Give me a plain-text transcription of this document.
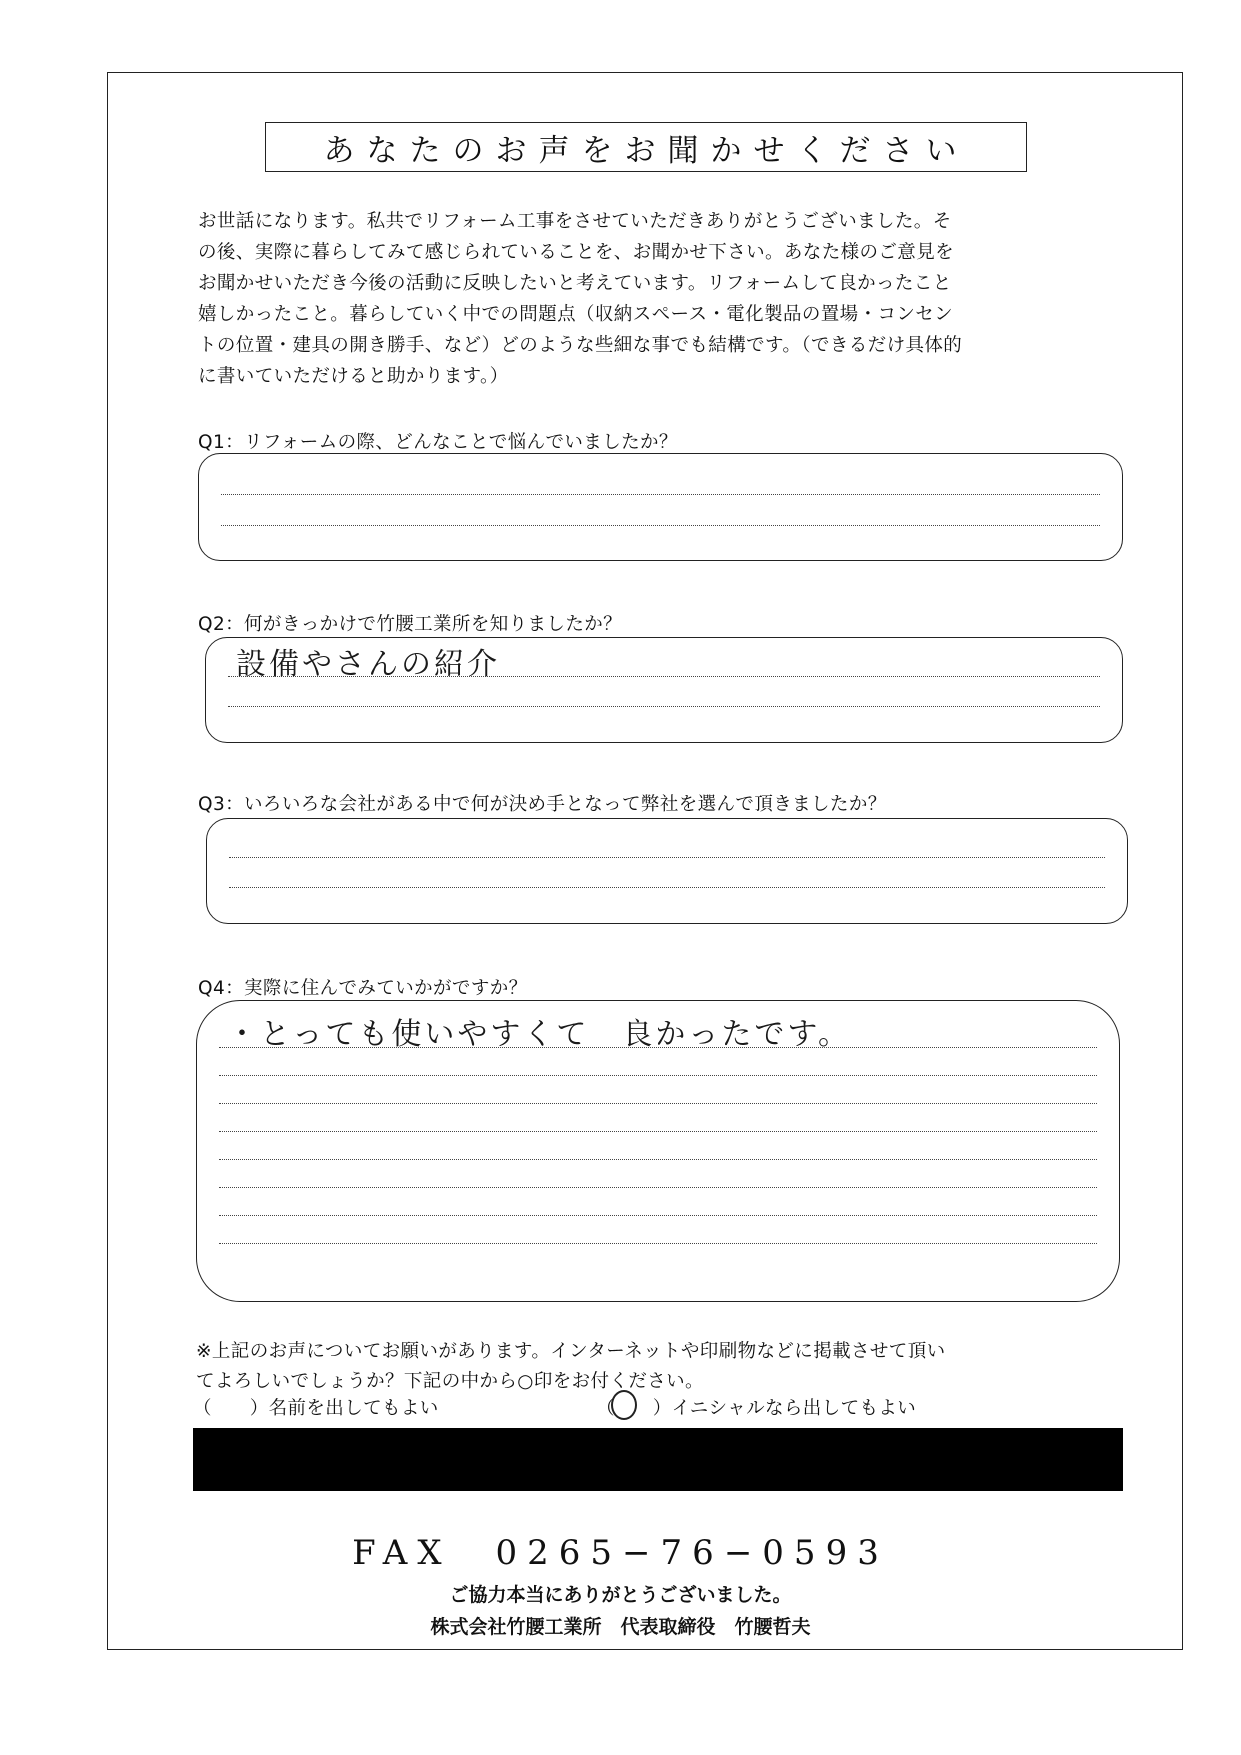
あなたのお声をお聞かせください

お世話になります。私共でリフォーム工事をさせていただきありがとうございました。そ

の後、実際に暮らしてみて感じられていることを、お聞かせ下さい。あなた様のご意見を

お聞かせいただき今後の活動に反映したいと考えています。リフォームして良かったこと

嬉しかったこと。暮らしていく中での問題点（収納スペース・電化製品の置場・コンセン

トの位置・建具の開き勝手、など）どのような些細な事でも結構です。（できるだけ具体的

に書いていただけると助かります。）

Q1：リフォームの際、どんなことで悩んでいましたか？
Q2：何がきっかけで竹腰工業所を知りましたか？
設備やさんの紹介
Q3：いろいろな会社がある中で何が決め手となって弊社を選んで頂きましたか？
Q4：実際に住んでみていかがですか？
・とっても使いやすくて　良かったです。

※上記のお声についてお願いがあります。インターネットや印刷物などに掲載させて頂い

てよろしいでしょうか？下記の中から○印をお付ください。

（　　）名前を出してもよい	（　　）イニシャルなら出してもよい
FAX　0265−76−0593
ご協力本当にありがとうございました。
株式会社竹腰工業所　代表取締役　竹腰哲夫
